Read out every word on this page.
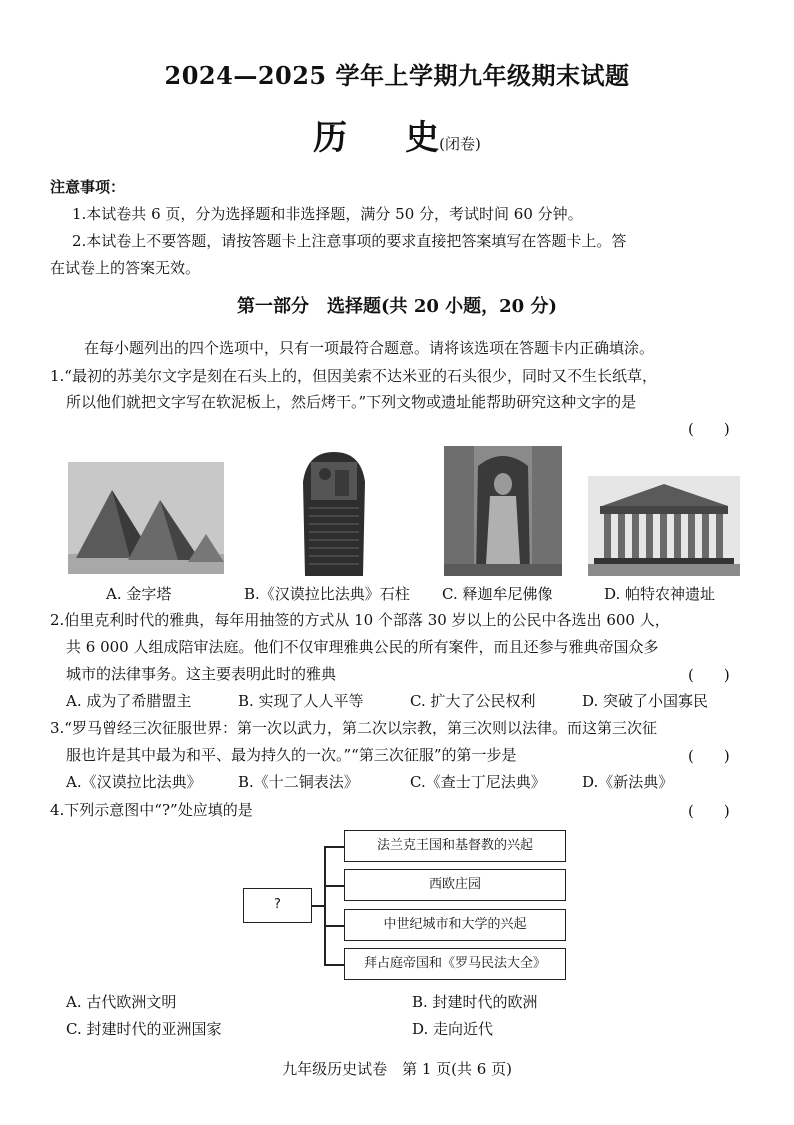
2024—2025 学年上学期九年级期末试题
历 史(闭卷)
注意事项：
1.本试卷共 6 页，分为选择题和非选择题，满分 50 分，考试时间 60 分钟。
2.本试卷上不要答题，请按答题卡上注意事项的要求直接把答案填写在答题卡上。答
在试卷上的答案无效。
第一部分　选择题(共 20 小题，20 分)
在每小题列出的四个选项中，只有一项最符合题意。请将该选项在答题卡内正确填涂。
1.“最初的苏美尔文字是刻在石头上的，但因美索不达米亚的石头很少，同时又不生长纸草，
所以他们就把文字写在软泥板上，然后烤干。”下列文物或遗址能帮助研究这种文字的是
(　　)
A. 金字塔	B.《汉谟拉比法典》石柱 C. 释迦牟尼佛像	D. 帕特农神遗址
2.伯里克利时代的雅典，每年用抽签的方式从 10 个部落 30 岁以上的公民中各选出 600 人，
共 6 000 人组成陪审法庭。他们不仅审理雅典公民的所有案件，而且还参与雅典帝国众多
城市的法律事务。这主要表明此时的雅典	(　　)
A. 成为了希腊盟主	B. 实现了人人平等	C. 扩大了公民权利	D. 突破了小国寡民
3.“罗马曾经三次征服世界：第一次以武力，第二次以宗教，第三次则以法律。而这第三次征
服也许是其中最为和平、最为持久的一次。”“第三次征服”的第一步是	(　　)
A.《汉谟拉比法典》 B.《十二铜表法》	C.《查士丁尼法典》 D.《新法典》
4.下列示意图中“?”处应填的是	(　　)
?
法兰克王国和基督教的兴起
西欧庄园
中世纪城市和大学的兴起
拜占庭帝国和《罗马民法大全》
A. 古代欧洲文明	B. 封建时代的欧洲
C. 封建时代的亚洲国家	D. 走向近代
九年级历史试卷　第 1 页(共 6 页)
